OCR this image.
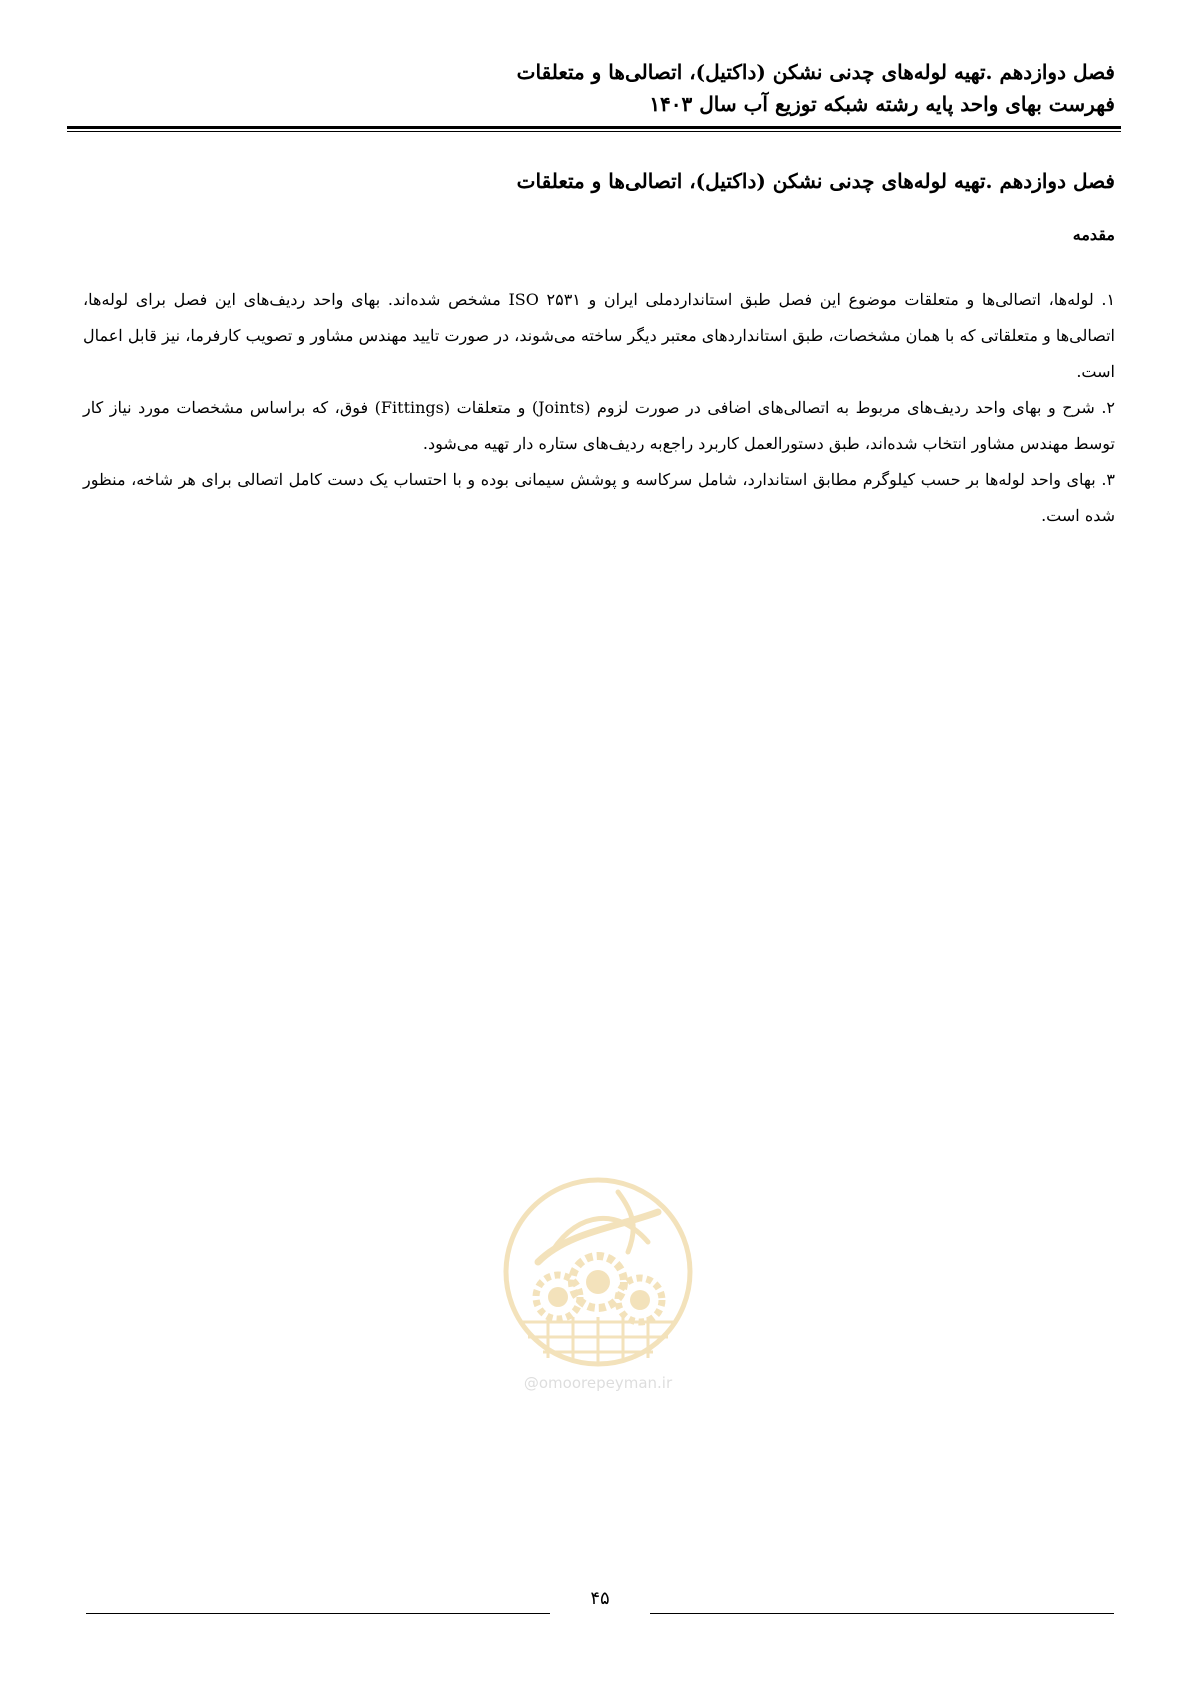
فصل دوازدهم .تهیه لوله‌های چدنی نشکن (داکتیل)، اتصالی‌ها و متعلقات
فهرست بهای واحد پایه رشته شبکه توزیع آب سال ۱۴۰۳
فصل دوازدهم .تهیه لوله‌های چدنی نشکن (داکتیل)، اتصالی‌ها و متعلقات
مقدمه

۱. لوله‌ها، اتصالی‌ها و متعلقات موضوع این فصل طبق استانداردملی ایران و ISO ۲۵۳۱ مشخص شده‌اند. بهای واحد ردیف‌های این فصل برای لوله‌ها، اتصالی‌ها و متعلقاتی که با همان مشخصات، طبق استانداردهای معتبر دیگر ساخته می‌شوند، در صورت تایید مهندس مشاور و تصویب کارفرما، نیز قابل اعمال است.

۲. شرح و بهای واحد ردیف‌های مربوط به اتصالی‌های اضافی در صورت لزوم (Joints) و متعلقات (Fittings) فوق، که براساس مشخصات مورد نیاز کار توسط مهندس مشاور انتخاب شده‌اند، طبق دستورالعمل کاربرد راجع‌به ردیف‌های ستاره دار تهیه می‌شود.

۳. بهای واحد لوله‌ها بر حسب کیلوگرم مطابق استاندارد، شامل سرکاسه و پوشش سیمانی بوده و با احتساب یک دست کامل اتصالی برای هر شاخه، منظور شده است.

@omoorepeyman.ir
۴۵
